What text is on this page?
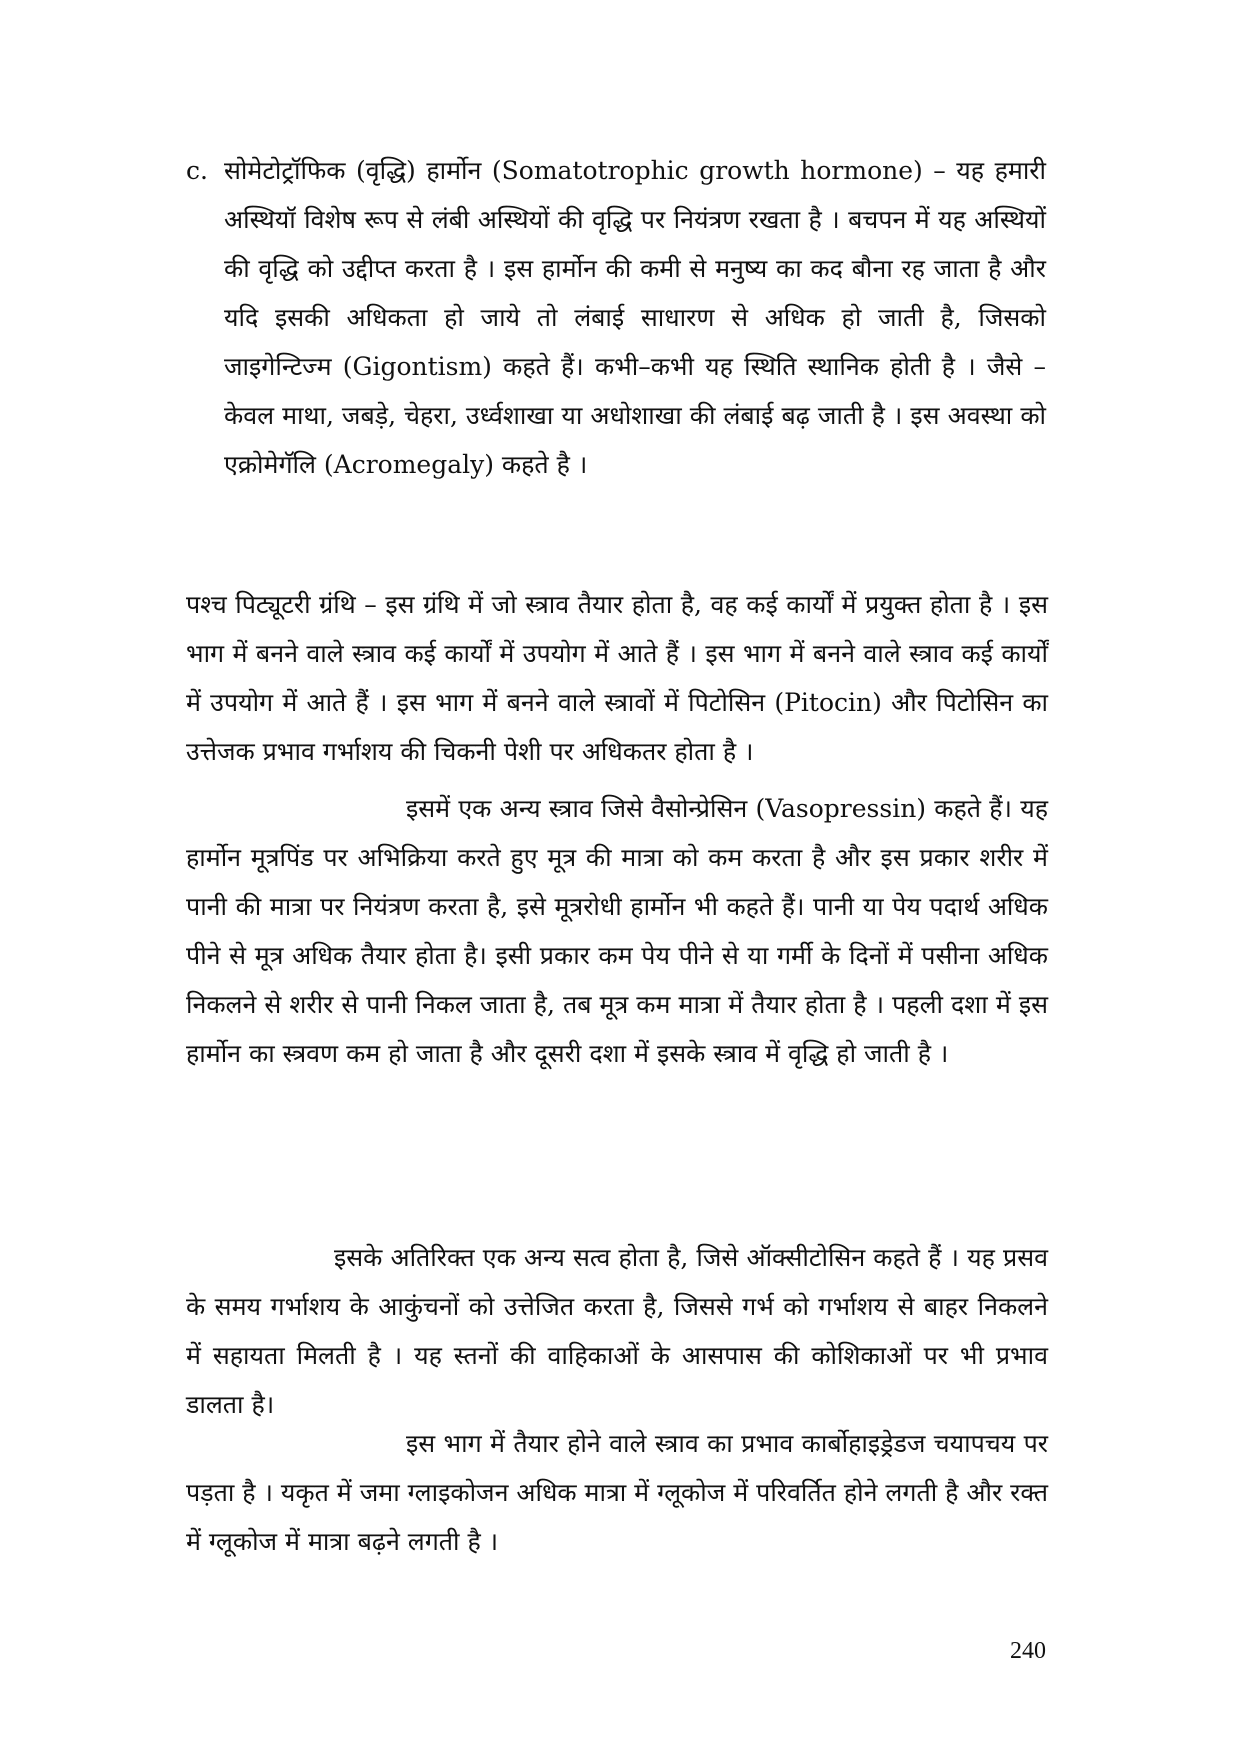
c. सोमेटोट्रॉफिक (वृद्धि) हार्मोन (Somatotrophic growth hormone) – यह हमारी अस्थियॉ विशेष रूप से लंबी अस्थियों की वृद्धि पर नियंत्रण रखता है । बचपन में यह अस्थियों की वृद्धि को उद्दीप्त करता है । इस हार्मोन की कमी से मनुष्य का कद बौना रह जाता है और यदि इसकी अधिकता हो जाये तो लंबाई साधारण से अधिक हो जाती है, जिसको जाइगेन्टिज्म (Gigontism) कहते हैं। कभी–कभी यह स्थिति स्थानिक होती है । जैसे – केवल माथा, जबड़े, चेहरा, उर्ध्वशाखा या अधोशाखा की लंबाई बढ़ जाती है । इस अवस्था को एक्रोमेगॅलि (Acromegaly) कहते है ।

पश्च पिट्यूटरी ग्रंथि – इस ग्रंथि में जो स्त्राव तैयार होता है, वह कई कार्यों में प्रयुक्त होता है । इस भाग में बनने वाले स्त्राव कई कार्यों में उपयोग में आते हैं । इस भाग में बनने वाले स्त्राव कई कार्यों में उपयोग में आते हैं । इस भाग में बनने वाले स्त्रावों में पिटोसिन (Pitocin) और पिटोसिन का उत्तेजक प्रभाव गर्भाशय की चिकनी पेशी पर अधिकतर होता है ।

इसमें एक अन्य स्त्राव जिसे वैसोन्प्रेसिन (Vasopressin) कहते हैं। यह हार्मोन मूत्रपिंड पर अभिक्रिया करते हुए मूत्र की मात्रा को कम करता है और इस प्रकार शरीर में पानी की मात्रा पर नियंत्रण करता है, इसे मूत्ररोधी हार्मोन भी कहते हैं। पानी या पेय पदार्थ अधिक पीने से मूत्र अधिक तैयार होता है। इसी प्रकार कम पेय पीने से या गर्मी के दिनों में पसीना अधिक निकलने से शरीर से पानी निकल जाता है, तब मूत्र कम मात्रा में तैयार होता है । पहली दशा में इस हार्मोन का स्त्रवण कम हो जाता है और दूसरी दशा में इसके स्त्राव में वृद्धि हो जाती है ।

इसके अतिरिक्त एक अन्य सत्व होता है, जिसे ऑक्सीटोसिन कहते हैं । यह प्रसव के समय गर्भाशय के आकुंचनों को उत्तेजित करता है, जिससे गर्भ को गर्भाशय से बाहर निकलने में सहायता मिलती है । यह स्तनों की वाहिकाओं के आसपास की कोशिकाओं पर भी प्रभाव डालता है।

इस भाग में तैयार होने वाले स्त्राव का प्रभाव कार्बोहाइड्रेडज चयापचय पर पड़ता है । यकृत में जमा ग्लाइकोजन अधिक मात्रा में ग्लूकोज में परिवर्तित होने लगती है और रक्त में ग्लूकोज में मात्रा बढ़ने लगती है ।

240
